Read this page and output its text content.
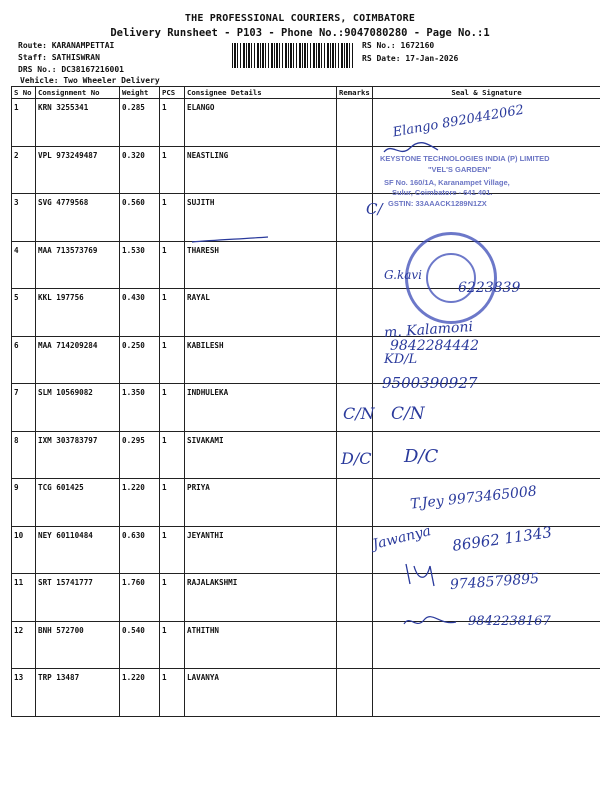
THE PROFESSIONAL COURIERS, COIMBATORE
Delivery Runsheet - P103 - Phone No.:9047080280 - Page No.:1
Route: KARANAMPETTAI
Staff: SATHISWRAN
DRS No.: DC38167216001
Vehicle: Two Wheeler Delivery
RS No.: 1672160
RS Date: 17-Jan-2026
S No	Consignment No	Weight	PCS	Consignee Details	Remarks	Seal & Signature
1	KRN 3255341	0.285	1	ELANGO		
2	VPL 973249487	0.320	1	NEASTLING		
3	SVG 4779568	0.560	1	SUJITH		
4	MAA 713573769	1.530	1	THARESH		
5	KKL 197756	0.430	1	RAYAL		
6	MAA 714209284	0.250	1	KABILESH		
7	SLM 10569082	1.350	1	INDHULEKA		
8	IXM 303783797	0.295	1	SIVAKAMI		
9	TCG 601425	1.220	1	PRIYA		
10	NEY 60110484	0.630	1	JEYANTHI		
11	SRT 15741777	1.760	1	RAJALAKSHMI		
12	BNH 572700	0.540	1	ATHITHN		
13	TRP 13487	1.220	1	LAVANYA		
KEYSTONE TECHNOLOGIES INDIA (P) LIMITED
"VEL'S GARDEN"
SF No. 160/1A, Karanampet Village,
Sulur, Coimbatore - 641 401.
GSTIN: 33AAACK1289N1ZX
Elango 8920442062
C/
G.kavi
6223839
m. Kalamoni
9842284442
KD/L
9500390927
C/N C/N
D/C D/C
T.Jey 9973465008
Jawanya 86962 11343
9748579895
9842238167
